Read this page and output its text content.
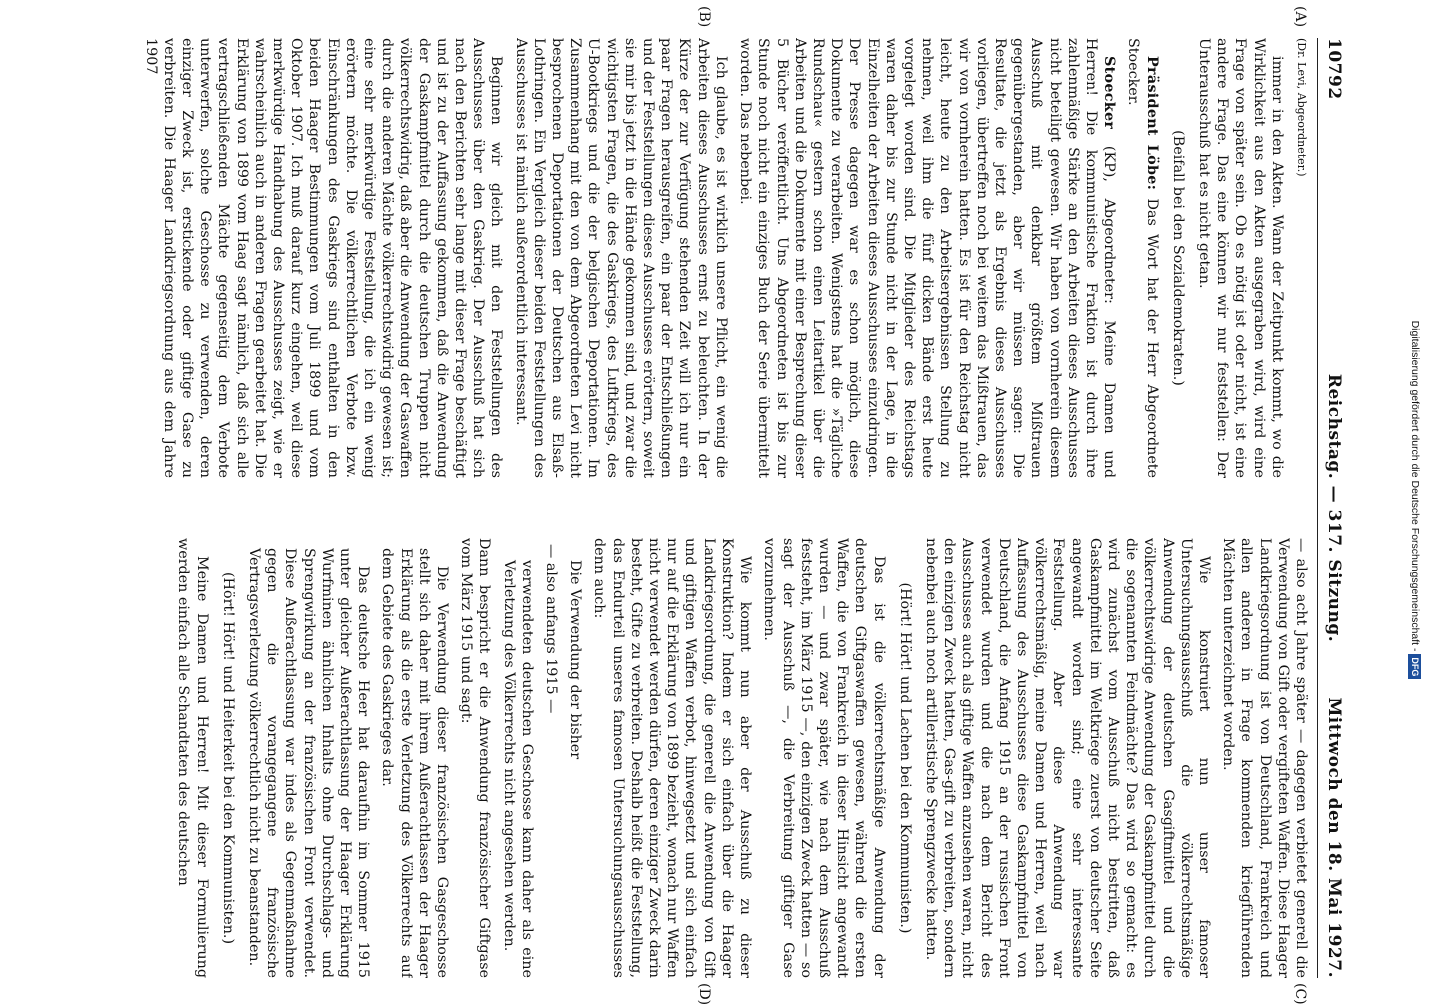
10792
Reichstag. — 317. Sitzung.
Mittwoch den 18. Mai 1927.
(A)
(B)
(C)
(D)

(Dr. Levi, Abgeordneter.)

immer in den Akten. Wann der Zeitpunkt kommt, wo die Wirklichkeit aus den Akten ausgegraben wird, wird eine Frage von später sein. Ob es nötig ist oder nicht, ist eine andere Frage. Das eine können wir nur feststellen: Der Unterausschuß hat es nicht getan.

(Beifall bei den Sozialdemokraten.)

Präsident Löbe: Das Wort hat der Herr Abgeordnete Stoecker.

Stoecker (KP), Abgeordneter: Meine Damen und Herren! Die kommunistische Fraktion ist durch ihre zahlenmäßige Stärke an den Arbeiten dieses Ausschusses nicht beteiligt gewesen. Wir haben von vornherein diesem Ausschuß mit denkbar größtem Mißtrauen gegenübergestanden, aber wir müssen sagen: Die Resultate, die jetzt als Ergebnis dieses Ausschusses vorliegen, übertreffen noch bei weitem das Mißtrauen, das wir von vornherein hatten. Es ist für den Reichstag nicht leicht, heute zu den Arbeitsergebnissen Stellung zu nehmen, weil ihm die fünf dicken Bände erst heute vorgelegt worden sind. Die Mitglieder des Reichstags waren daher bis zur Stunde nicht in der Lage, in die Einzelheiten der Arbeiten dieses Ausschusses einzudringen. Der Presse dagegen war es schon möglich, diese Dokumente zu verarbeiten. Wenigstens hat die »Tägliche Rundschau« gestern schon einen Leitartikel über die Arbeiten und die Dokumente mit einer Besprechung dieser 5 Bücher veröffentlicht. Uns Abgeordneten ist bis zur Stunde noch nicht ein einziges Buch der Serie übermittelt worden. Das nebenbei.

Ich glaube, es ist wirklich unsere Pflicht, ein wenig die Arbeiten dieses Ausschusses ernst zu beleuchten. In der Kürze der zur Verfügung stehenden Zeit will ich nur ein paar Fragen herausgreifen, ein paar der Entschließungen und der Feststellungen dieses Ausschusses erörtern, soweit sie mir bis jetzt in die Hände gekommen sind, und zwar die wichtigsten Fragen, die des Gaskriegs, des Luftkriegs, des U-Bootkriegs und die der belgischen Deportationen. Im Zusammenhang mit den von dem Abgeordneten Levi nicht besprochenen Deportationen der Deutschen aus Elsaß-Lothringen. Ein Vergleich dieser beiden Feststellungen des Ausschusses ist nämlich außerordentlich interessant.

Beginnen wir gleich mit den Feststellungen des Ausschusses über den Gaskrieg. Der Ausschuß hat sich nach den Berichten sehr lange mit dieser Frage beschäftigt und ist zu der Auffassung gekommen, daß die Anwendung der Gaskampfmittel durch die deutschen Truppen nicht völkerrechtswidrig, daß aber die Anwendung der Gaswaffen durch die anderen Mächte völkerrechtswidrig gewesen ist; eine sehr merkwürdige Feststellung, die ich ein wenig erörtern möchte. Die völkerrechtlichen Verbote bzw. Einschränkungen des Gaskriegs sind enthalten in den beiden Haager Bestimmungen vom Juli 1899 und vom Oktober 1907. Ich muß darauf kurz eingehen, weil diese merkwürdige Handhabung des Ausschusses zeigt, wie er wahrscheinlich auch in anderen Fragen gearbeitet hat. Die Erklärung von 1899 vom Haag sagt nämlich, daß sich alle vertragschließenden Mächte gegenseitig dem Verbote unterwerfen, solche Geschosse zu verwenden, deren einziger Zweck ist, erstickende oder giftige Gase zu verbreiten. Die Haager Landkriegsordnung aus dem Jahre 1907

— also acht Jahre später — dagegen verbietet generell die Verwendung von Gift oder vergifteten Waffen. Diese Haager Landkriegsordnung ist von Deutschland, Frankreich und allen anderen in Frage kommenden kriegführenden Mächten unterzeichnet worden.

Wie konstruiert nun unser famoser Untersuchungsausschuß die völkerrechtsmäßige Anwendung der deutschen Gasgiftmittel und die völkerrechtswidrige Anwendung der Gaskampfmittel durch die sogenannten Feindmächte? Das wird so gemacht: es wird zunächst vom Ausschuß nicht bestritten, daß Gaskampfmittel im Weltkriege zuerst von deutscher Seite angewandt worden sind; eine sehr interessante Feststellung. Aber diese Anwendung war völkerrechtsmäßig, meine Damen und Herren, weil nach Auffassung des Ausschusses diese Gaskampfmittel von Deutschland, die Anfang 1915 an der russischen Front verwendet wurden und die nach dem Bericht des Ausschusses auch als giftige Waffen anzusehen waren, nicht den einzigen Zweck hatten, Gas-gift zu verbreiten, sondern nebenbei auch noch artilleristische Sprengzwecke hatten.

(Hört! Hört! und Lachen bei den Kommunisten.)

Das ist die völkerrechtsmäßige Anwendung der deutschen Giftgaswaffen gewesen, während die ersten Waffen, die von Frankreich in dieser Hinsicht angewandt wurden — und zwar später, wie nach dem Ausschuß feststeht, im März 1915 —, den einzigen Zweck hatten — so sagt der Ausschuß —, die Verbreitung giftiger Gase vorzunehmen.

Wie kommt nun aber der Ausschuß zu dieser Konstruktion? Indem er sich einfach über die Haager Landkriegsordnung, die generell die Anwendung von Gift und giftigen Waffen verbot, hinwegsetzt und sich einfach nur auf die Erklärung von 1899 bezieht, wonach nur Waffen nicht verwendet werden dürfen, deren einziger Zweck darin besteht, Gifte zu verbreiten. Deshalb heißt die Feststellung, das Endurteil unseres famosen Untersuchungsausschusses denn auch:

Die Verwendung der bisher

— also anfangs 1915 —

verwendeten deutschen Geschosse kann daher als eine Verletzung des Völkerrechts nicht angesehen werden.

Dann bespricht er die Anwendung französischer Giftgase vom März 1915 und sagt:

Die Verwendung dieser französischen Gasgeschosse stellt sich daher mit ihrem Außerachtlassen der Haager Erklärung als die erste Verletzung des Völkerrechts auf dem Gebiete des Gaskrieges dar.

Das deutsche Heer hat daraufhin im Sommer 1915 unter gleicher Außerachtlassung der Haager Erklärung Wurfminen ähnlichen Inhalts ohne Durchschlags- und Sprengwirkung an der französischen Front verwendet. Diese Außerachtlassung war indes als Gegenmaßnahme gegen die vorangegangene französische Vertragsverletzung völkerrechtlich nicht zu beanstanden.

(Hört! Hört! und Heiterkeit bei den Kommunisten.)

Meine Damen und Herren! Mit dieser Formulierung werden einfach alle Schandtaten des deutschen

Digitalisierung gefördert durch die Deutsche Forschungsgemeinschaft - DFG
